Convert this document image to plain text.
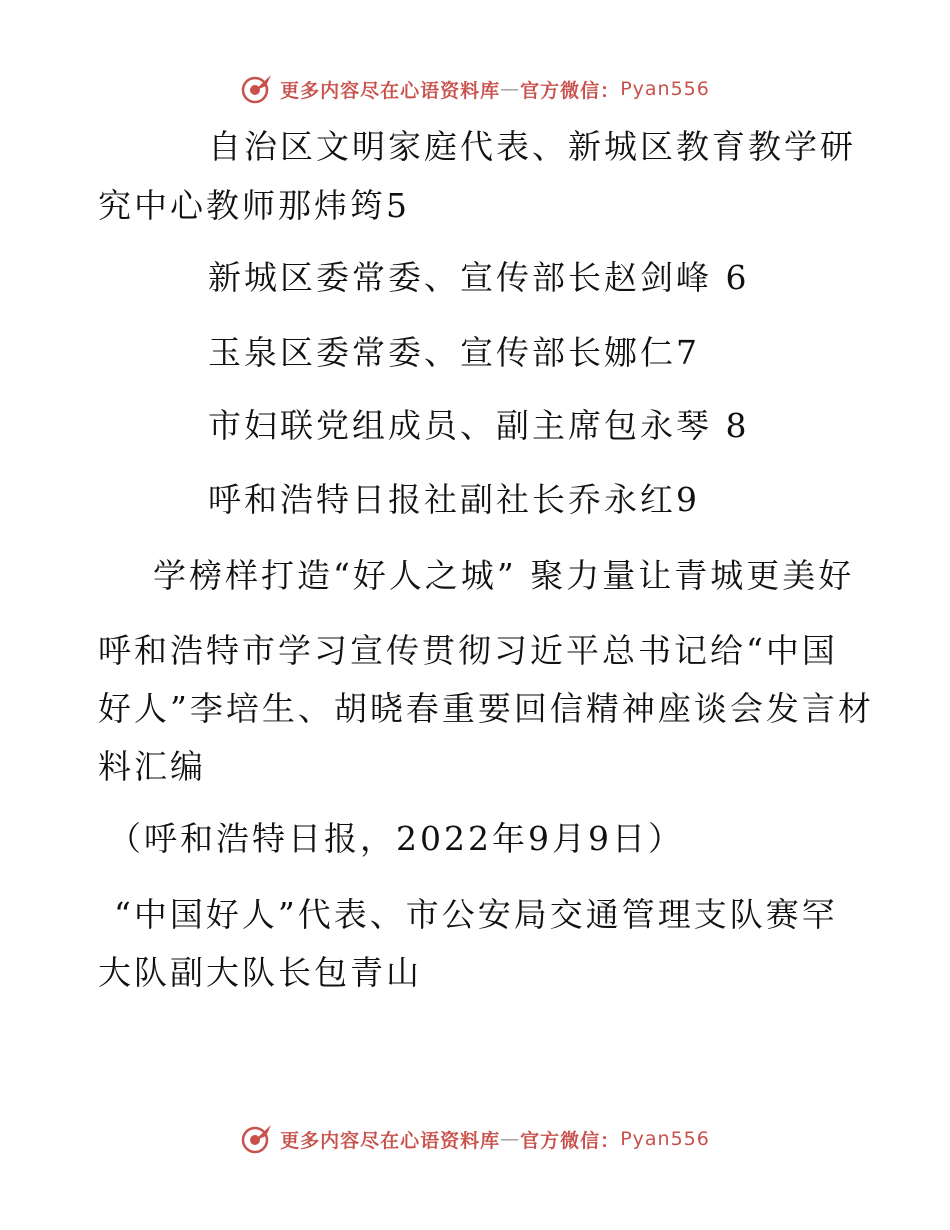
更多内容尽在心语资料库 — 官方微信： Pyan556
自治区文明家庭代表、新城区教育教学研
究中心教师那炜筠5
新城区委常委、宣传部长赵剑峰 6
玉泉区委常委、宣传部长娜仁7
市妇联党组成员、副主席包永琴 8
呼和浩特日报社副社长乔永红9
学榜样打造“好人之城” 聚力量让青城更美好
呼和浩特市学习宣传贯彻习近平总书记给“中国
好人”李培生、胡晓春重要回信精神座谈会发言材
料汇编
（呼和浩特日报，2022年9月9日）
“中国好人”代表、市公安局交通管理支队赛罕
大队副大队长包青山
更多内容尽在心语资料库 — 官方微信： Pyan556
